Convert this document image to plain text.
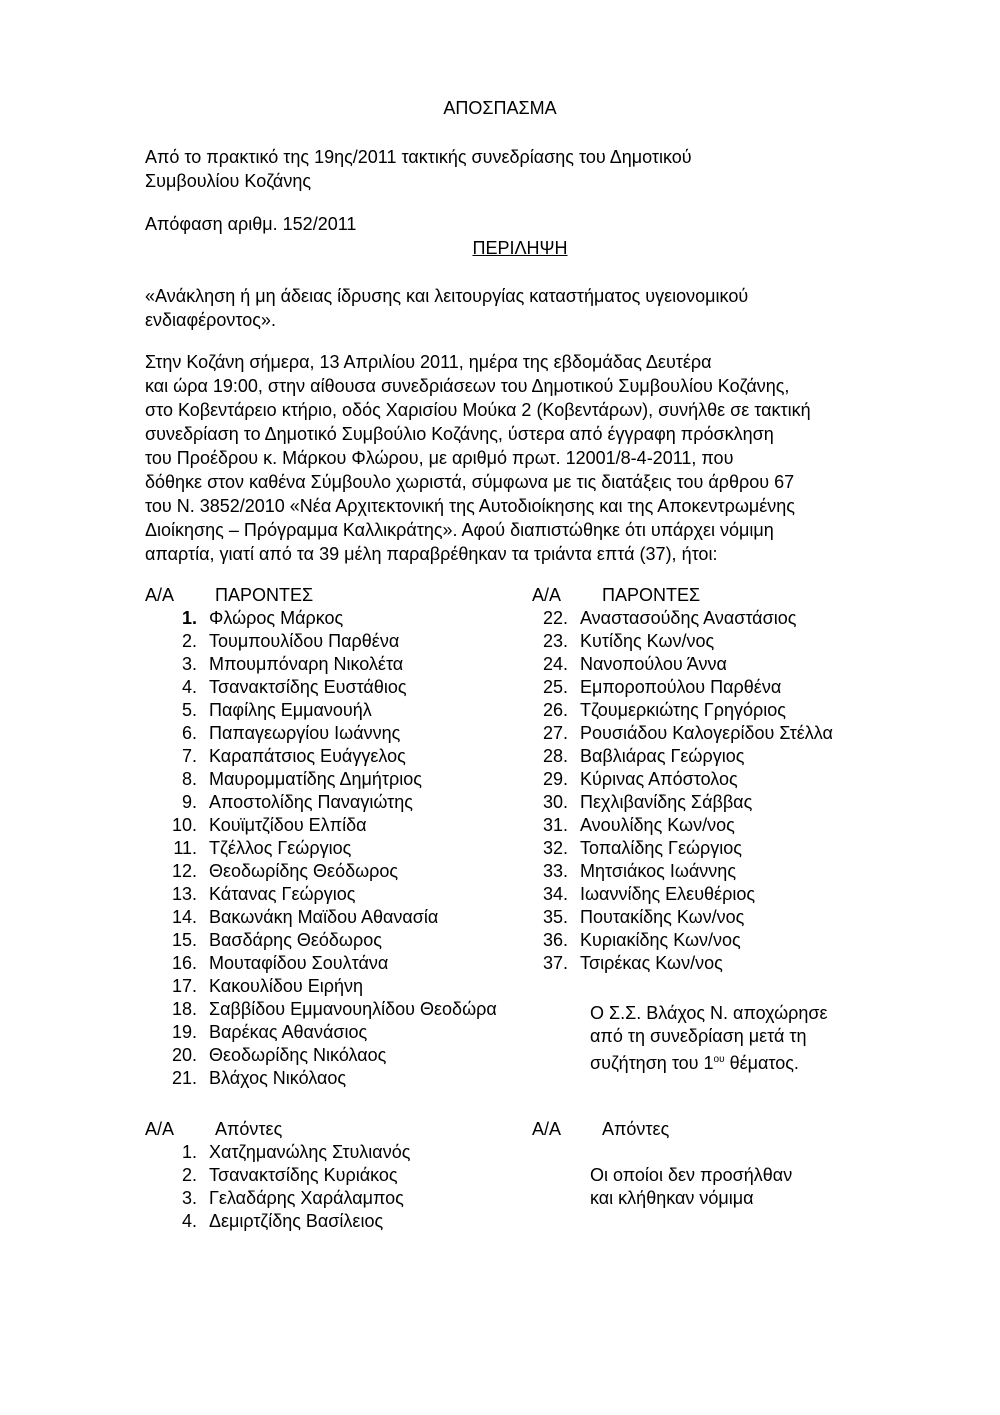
ΑΠΟΣΠΑΣΜΑ
Από το πρακτικό της 19ης/2011 τακτικής συνεδρίασης του Δημοτικού
Συμβουλίου Κοζάνης
Απόφαση αριθμ. 152/2011
ΠΕΡΙΛΗΨΗ
«Ανάκληση ή μη άδειας ίδρυσης και λειτουργίας καταστήματος υγειονομικού
ενδιαφέροντος».
Στην Κοζάνη σήμερα, 13 Απριλίου 2011, ημέρα της εβδομάδας Δευτέρα
και ώρα 19:00, στην αίθουσα συνεδριάσεων του Δημοτικού Συμβουλίου Κοζάνης,
στο Κοβεντάρειο κτήριο, οδός Χαρισίου Μούκα 2 (Κοβεντάρων), συνήλθε σε τακτική
συνεδρίαση το Δημοτικό Συμβούλιο Κοζάνης, ύστερα από έγγραφη πρόσκληση
του Προέδρου κ. Μάρκου Φλώρου, με αριθμό πρωτ. 12001/8-4-2011, που
δόθηκε στον καθένα Σύμβουλο χωριστά, σύμφωνα με τις διατάξεις του άρθρου 67
του Ν. 3852/2010 «Νέα Αρχιτεκτονική της Αυτοδιοίκησης και της Αποκεντρωμένης
Διοίκησης – Πρόγραμμα Καλλικράτης». Αφού διαπιστώθηκε ότι υπάρχει νόμιμη
απαρτία, γιατί από τα 39 μέλη παραβρέθηκαν τα τριάντα επτά (37), ήτοι:
Α/Α ΠΑΡΟΝΤΕΣ	Α/Α ΠΑΡΟΝΤΕΣ
1. Φλώρος Μάρκος
2. Τουμπουλίδου Παρθένα
3. Μπουμπόναρη Νικολέτα
4. Τσανακτσίδης Ευστάθιος
5. Παφίλης Εμμανουήλ
6. Παπαγεωργίου Ιωάννης
7. Καραπάτσιος Ευάγγελος
8. Μαυρομματίδης Δημήτριος
9. Αποστολίδης Παναγιώτης
10. Κουϊμτζίδου Ελπίδα
11. Τζέλλος Γεώργιος
12. Θεοδωρίδης Θεόδωρος
13. Κάτανας Γεώργιος
14. Βακωνάκη Μαϊδου Αθανασία
15. Βασδάρης Θεόδωρος
16. Μουταφίδου Σουλτάνα
17. Κακουλίδου Ειρήνη
18. Σαββίδου Εμμανουηλίδου Θεοδώρα
19. Βαρέκας Αθανάσιος
20. Θεοδωρίδης Νικόλαος
21. Βλάχος Νικόλαος
22. Αναστασούδης Αναστάσιος
23. Κυτίδης Κων/νος
24. Νανοπούλου Άννα
25. Εμποροπούλου Παρθένα
26. Τζουμερκιώτης Γρηγόριος
27. Ρουσιάδου Καλογερίδου Στέλλα
28. Βαβλιάρας Γεώργιος
29. Κύρινας Απόστολος
30. Πεχλιβανίδης Σάββας
31. Ανουλίδης Κων/νος
32. Τοπαλίδης Γεώργιος
33. Μητσιάκος Ιωάννης
34. Ιωαννίδης Ελευθέριος
35. Πουτακίδης Κων/νος
36. Κυριακίδης Κων/νος
37. Τσιρέκας Κων/νος
Ο Σ.Σ. Βλάχος Ν. αποχώρησε
από τη συνεδρίαση μετά τη
συζήτηση του $1^{o\upsilon}$ θέματος.
Α/Α Απόντες	Α/Α Απόντες
1. Χατζημανώλης Στυλιανός
2. Τσανακτσίδης Κυριάκος
3. Γελαδάρης Χαράλαμπος
4. Δεμιρτζίδης Βασίλειος
Οι οποίοι δεν προσήλθαν
και κλήθηκαν νόμιμα
